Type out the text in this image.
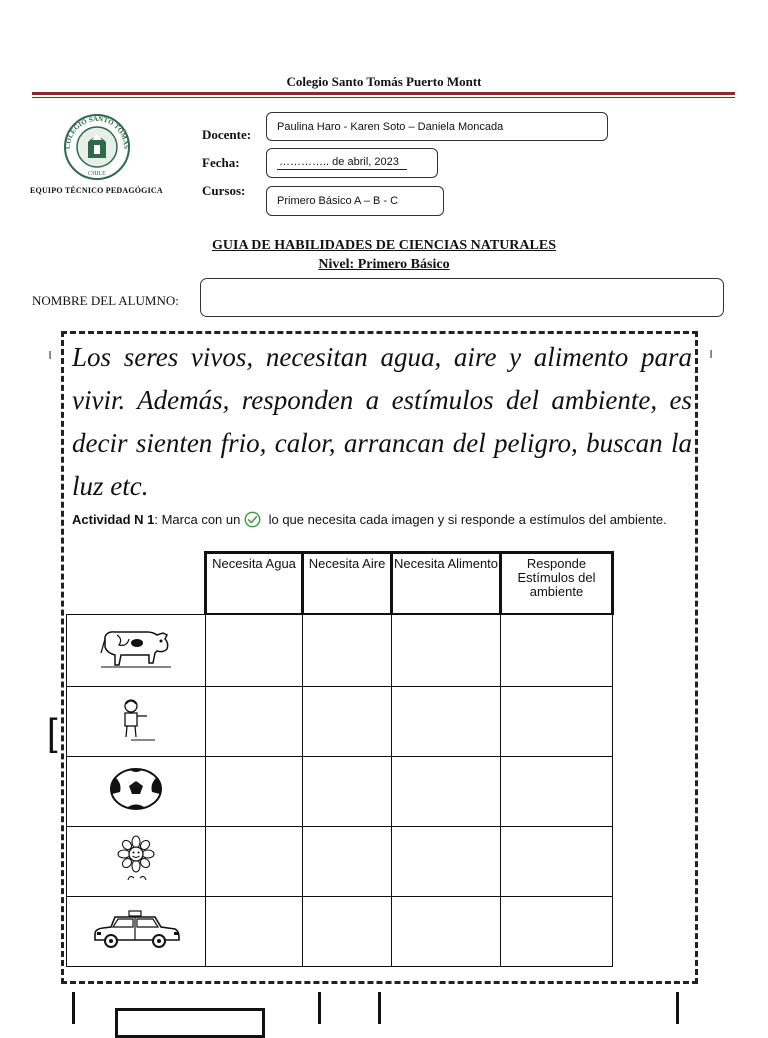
Colegio Santo Tomás Puerto Montt
COLEGIO SANTO TOMÁS
CHILE
EQUIPO TÉCNICO PEDAGÓGICA
Docente:
Paulina Haro - Karen Soto – Daniela Moncada
Fecha:	………….. de abril, 2023
Cursos:
Primero Básico A – B - C
GUIA DE HABILIDADES DE CIENCIAS NATURALES
Nivel: Primero Básico
NOMBRE DEL ALUMNO:
ı	ı
[
Los seres vivos, necesitan agua, aire y alimento para vivir. Además, responden a estímulos del ambiente, es decir sienten frio, calor, arrancan del peligro, buscan la luz etc.
Actividad N 1: Marca con un  lo que necesita cada imagen y si responde a estímulos del ambiente.
	Necesita Agua	Necesita Aire	Necesita Alimento	Responde Estímulos del ambiente
